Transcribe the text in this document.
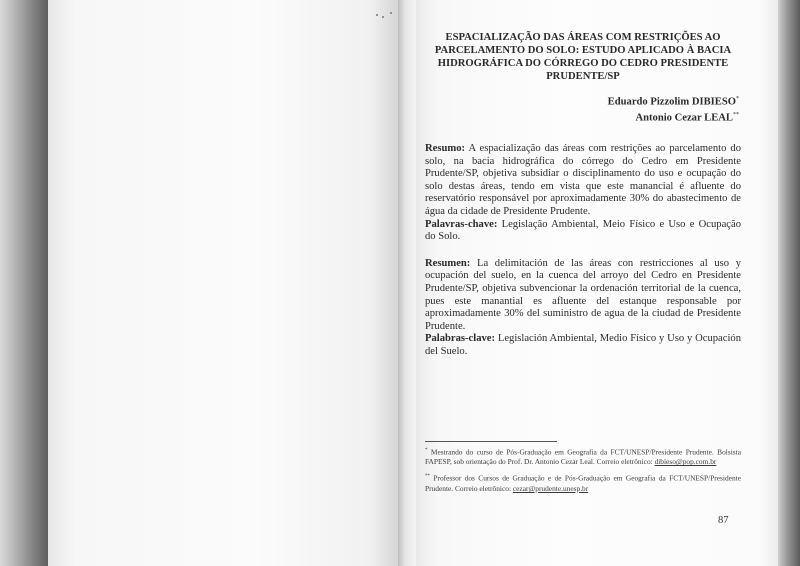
ESPACIALIZAÇÃO DAS ÁREAS COM RESTRIÇÕES AO
PARCELAMENTO DO SOLO: ESTUDO APLICADO À BACIA
HIDROGRÁFICA DO CÓRREGO DO CEDRO PRESIDENTE
PRUDENTE/SP
Eduardo Pizzolim DIBIESO*
Antonio Cezar LEAL**

Resumo: A espacialização das áreas com restrições ao parcelamento do solo, na bacia hidrográfica do córrego do Cedro em Presidente Prudente/SP, objetiva subsidiar o disciplinamento do uso e ocupação do solo destas áreas, tendo em vista que este manancial é afluente do reservatório responsável por aproximadamente 30% do abastecimento de água da cidade de Presidente Prudente.

Palavras-chave: Legislação Ambiental, Meio Físico e Uso e Ocupação do Solo.

Resumen: La delimitación de las áreas con restricciones al uso y ocupación del suelo, en la cuenca del arroyo del Cedro en Presidente Prudente/SP, objetiva subvencionar la ordenación territorial de la cuenca, pues este manantial es afluente del estanque responsable por aproximadamente 30% del suministro de agua de la ciudad de Presidente Prudente.

Palabras-clave: Legislación Ambiental, Medio Físico y Uso y Ocupación del Suelo.

* Mestrando do curso de Pós-Graduação em Geografia da FCT/UNESP/Presidente Prudente. Bolsista FAPESP, sob orientação do Prof. Dr. Antonio Cezar Leal. Correio eletrônico: dibieso@pop.com.br

** Professor dos Cursos de Graduação e de Pós-Graduação em Geografia da FCT/UNESP/Presidente Prudente. Correio eletrônico: cezar@prudente.unesp.br

87
